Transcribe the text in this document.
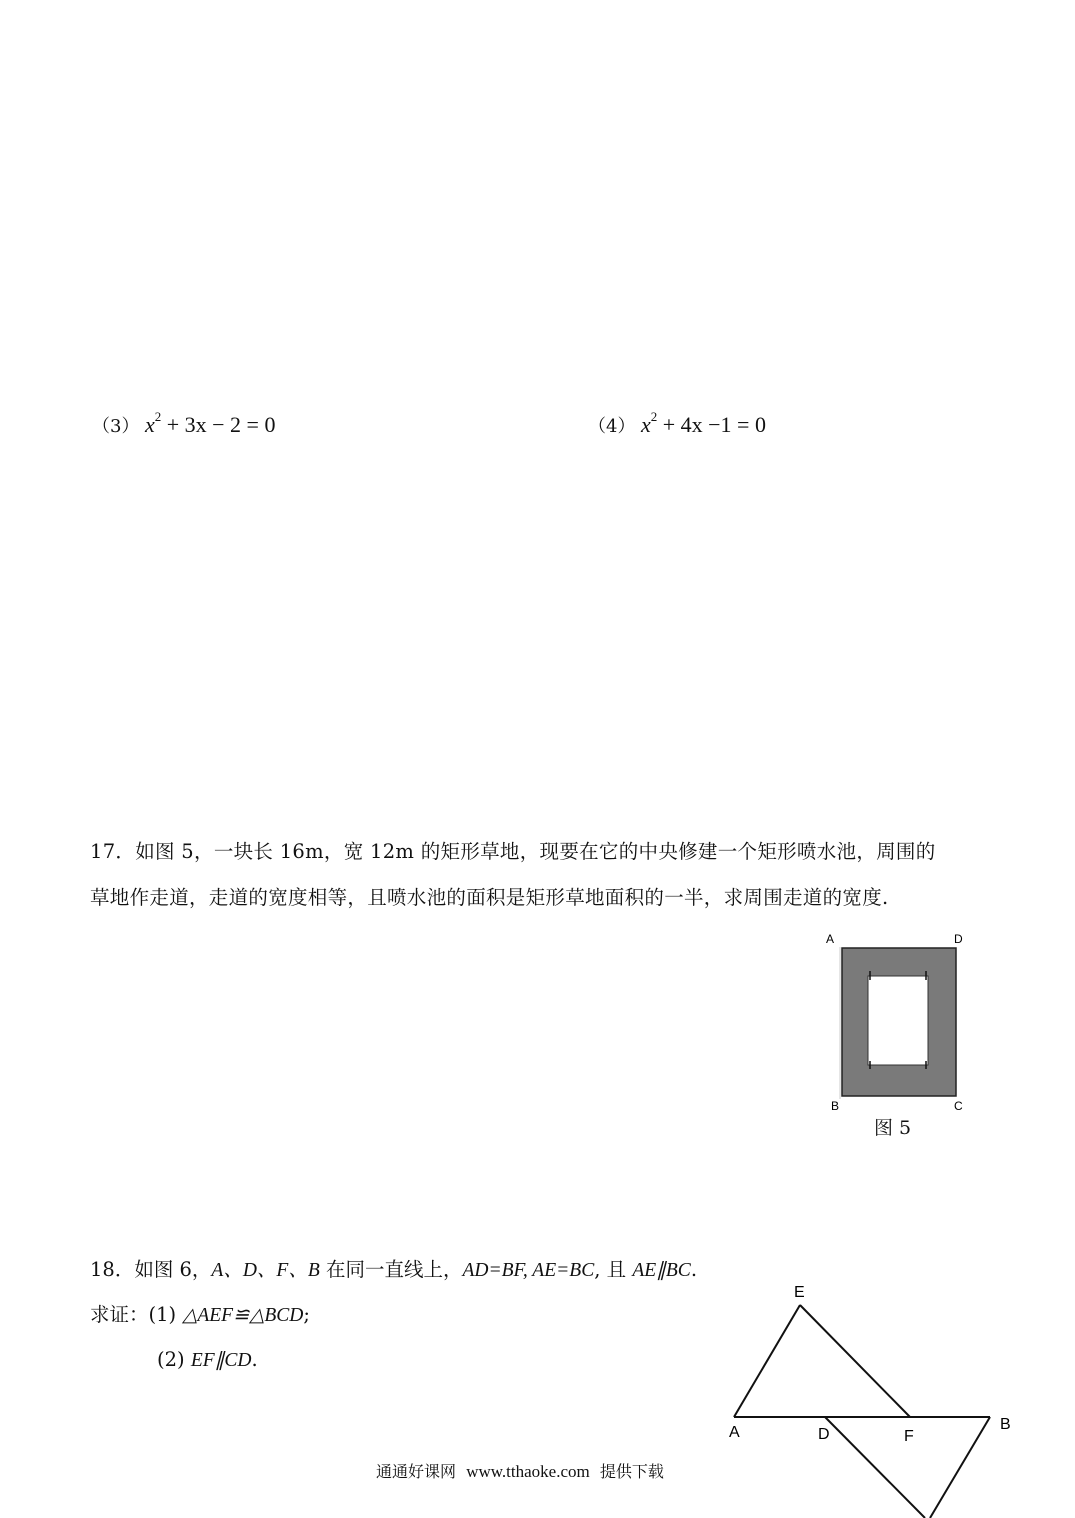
（3） $x^2 + 3x - 2 = 0$	（4） $x^2 + 4x -1 = 0$
17．如图 5，一块长 16m，宽 12m 的矩形草地，现要在它的中央修建一个矩形喷水池，周围的
草地作走道，走道的宽度相等，且喷水池的面积是矩形草地面积的一半，求周围走道的宽度.
A	D
B	C
图 5
18．如图 6，A、D、F、B 在同一直线上，AD=BF, AE=BC, 且 AE∥BC.
求证：(1) △AEF≌△BCD;
(2) EF∥CD.
E
A	D	F
B
通通好课网 www.tthaoke.com 提供下载
